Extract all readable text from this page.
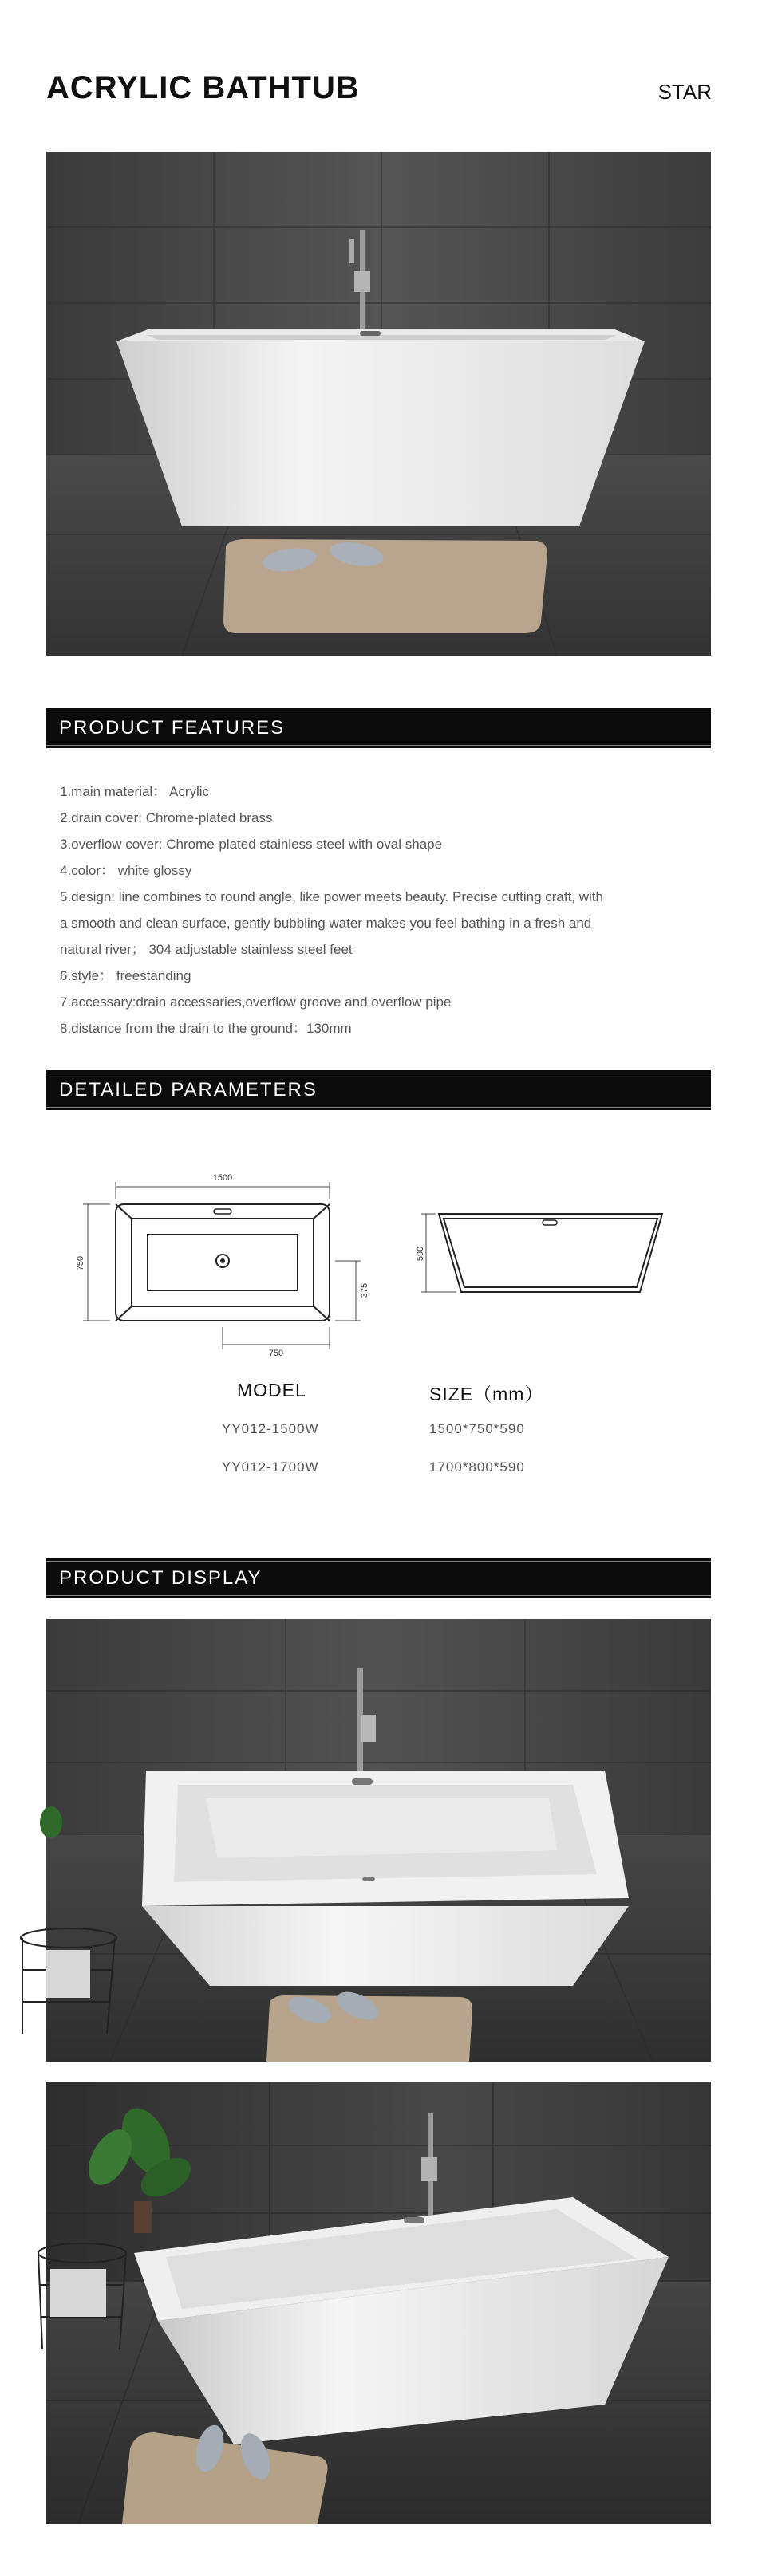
ACRYLIC BATHTUB	STAR
PRODUCT FEATURES
1.main material： Acrylic
2.drain cover: Chrome-plated brass
3.overflow cover: Chrome-plated stainless steel with oval shape
4.color： white glossy
5.design: line combines to round angle, like power meets beauty. Precise cutting craft, with
a smooth and clean surface, gently bubbling water makes you feel bathing in a fresh and
natural river； 304 adjustable stainless steel feet
6.style： freestanding
7.accessary:drain accessaries,overflow groove and overflow pipe
8.distance from the drain to the ground：130mm
DETAILED PARAMETERS
1500
750
375
750
590
MODEL	SIZE（mm）
YY012-1500W	1500*750*590
YY012-1700W	1700*800*590
PRODUCT DISPLAY
